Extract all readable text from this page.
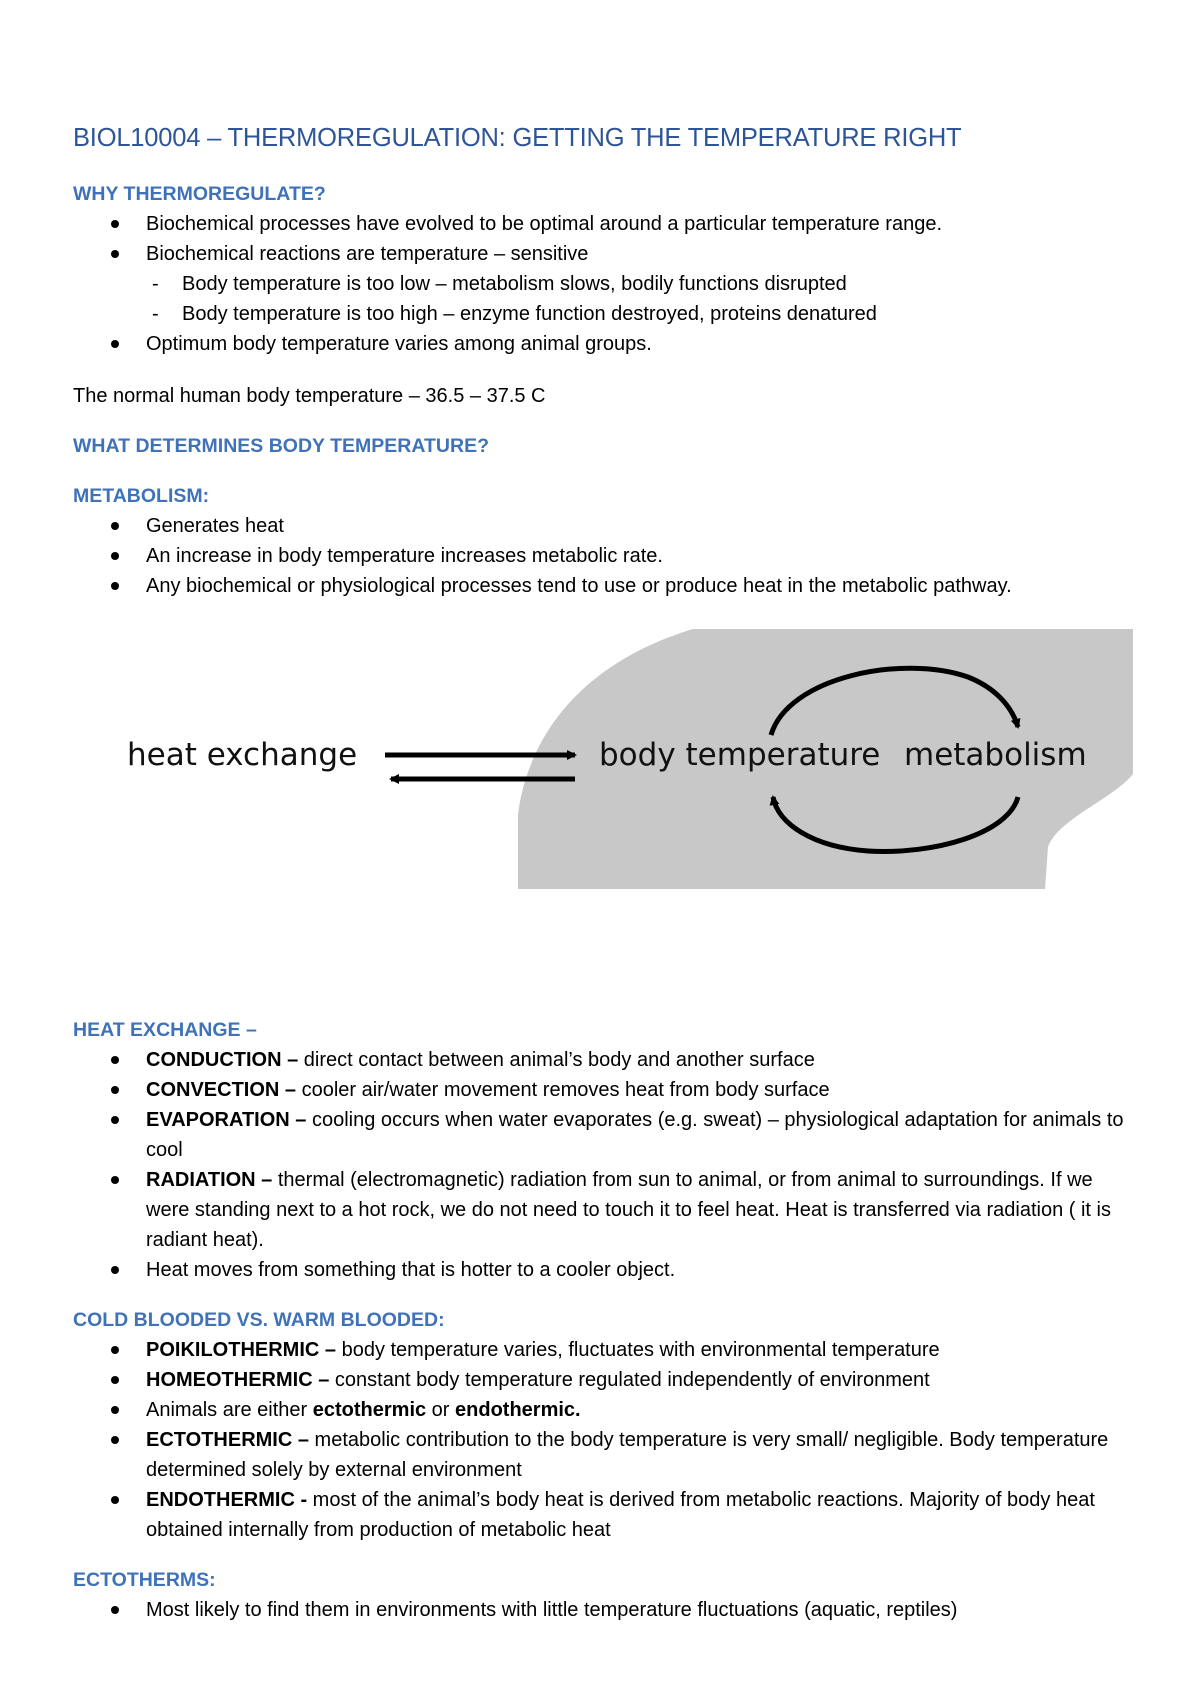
BIOL10004 – THERMOREGULATION: GETTING THE TEMPERATURE RIGHT
WHY THERMOREGULATE?
Biochemical processes have evolved to be optimal around a particular temperature range.
Biochemical reactions are temperature – sensitive
- Body temperature is too low – metabolism slows, bodily functions disrupted
- Body temperature is too high – enzyme function destroyed, proteins denatured
Optimum body temperature varies among animal groups.

The normal human body temperature – 36.5 – 37.5 C

WHAT DETERMINES BODY TEMPERATURE?
METABOLISM:
Generates heat
An increase in body temperature increases metabolic rate.
Any biochemical or physiological processes tend to use or produce heat in the metabolic pathway.
heat exchange	body temperature metabolism
HEAT EXCHANGE –
CONDUCTION – direct contact between animal’s body and another surface
CONVECTION – cooler air/water movement removes heat from body surface
EVAPORATION – cooling occurs when water evaporates (e.g. sweat) – physiological adaptation for animals to cool
RADIATION – thermal (electromagnetic) radiation from sun to animal, or from animal to surroundings. If we were standing next to a hot rock, we do not need to touch it to feel heat. Heat is transferred via radiation ( it is radiant heat).
Heat moves from something that is hotter to a cooler object.
COLD BLOODED VS. WARM BLOODED:
POIKILOTHERMIC – body temperature varies, fluctuates with environmental temperature
HOMEOTHERMIC – constant body temperature regulated independently of environment
Animals are either ectothermic or endothermic.
ECTOTHERMIC – metabolic contribution to the body temperature is very small/ negligible. Body temperature determined solely by external environment
ENDOTHERMIC - most of the animal’s body heat is derived from metabolic reactions. Majority of body heat obtained internally from production of metabolic heat
ECTOTHERMS:
Most likely to find them in environments with little temperature fluctuations (aquatic, reptiles)
